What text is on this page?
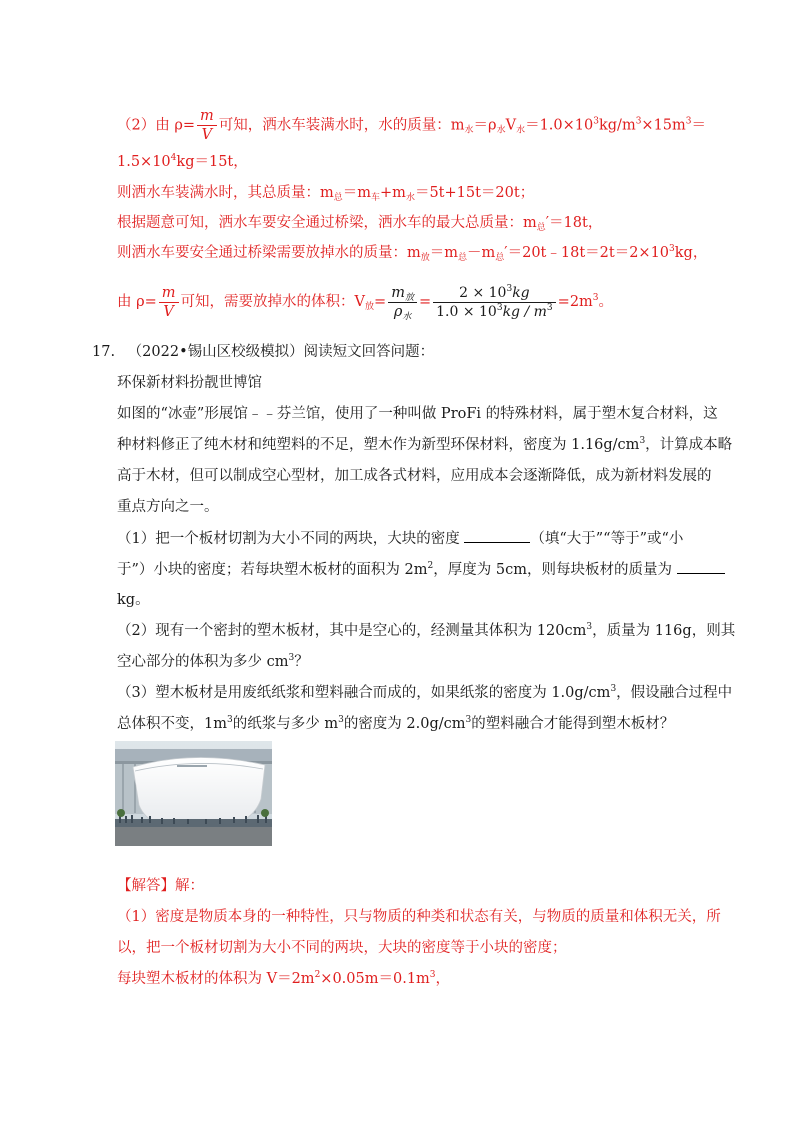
（2）由 $\rho= \frac{m}{V}$ 可知，洒水车装满水时，水的质量：$m_水=\rho_水V_水=1.0\times 10^3kg/m^3\times 15m^3=$
$1.5\times 10^4kg=15t$，
则洒水车装满水时，其总质量：$m_总=m_车+m_水=5t+15t=20t$；
根据题意可知，洒水车要安全通过桥梁，洒水车的最大总质量：$m_总'=18t$，
则洒水车要安全通过桥梁需要放掉水的质量：$m_放=m_总-m_总'=20t﹣18t=2t=2\times 10^3kg$，
由 $\rho= \frac{m}{V}$ 可知，需要放掉水的体积：$V_放= \frac{m_放}{\rho_水} = \frac{2 \times 10^3kg}{1.0 \times 10^3kg / m^3} =2m^3$。
17. （2022•锡山区校级模拟）阅读短文回答问题：
环保新材料扮靓世博馆
如图的“冰壶”形展馆﹣﹣芬兰馆，使用了一种叫做 ProFi 的特殊材料，属于塑木复合材料，这
种材料修正了纯木材和纯塑料的不足，塑木作为新型环保材料，密度为 $1.16g/cm^3$，计算成本略
高于木材，但可以制成空心型材，加工成各式材料，应用成本会逐渐降低，成为新材料发展的
重点方向之一。
（1）把一个板材切割为大小不同的两块，大块的密度	（填“大于”“等于”或“小
于”）小块的密度；若每块塑木板材的面积为 $2m^2$，厚度为 5cm，则每块板材的质量为
kg。
（2）现有一个密封的塑木板材，其中是空心的，经测量其体积为 $120cm^3$，质量为 116g，则其
空心部分的体积为多少 $cm^3$？
（3）塑木板材是用废纸纸浆和塑料融合而成的，如果纸浆的密度为 $1.0g/cm^3$，假设融合过程中
总体积不变，$1m^3$的纸浆与多少 $m^3$的密度为 $2.0g/cm^3$的塑料融合才能得到塑木板材？
【解答】解：
（1）密度是物质本身的一种特性，只与物质的种类和状态有关，与物质的质量和体积无关，所
以，把一个板材切割为大小不同的两块，大块的密度等于小块的密度；
每块塑木板材的体积为 $V=2m^2\times 0.05m=0.1m^3$，
